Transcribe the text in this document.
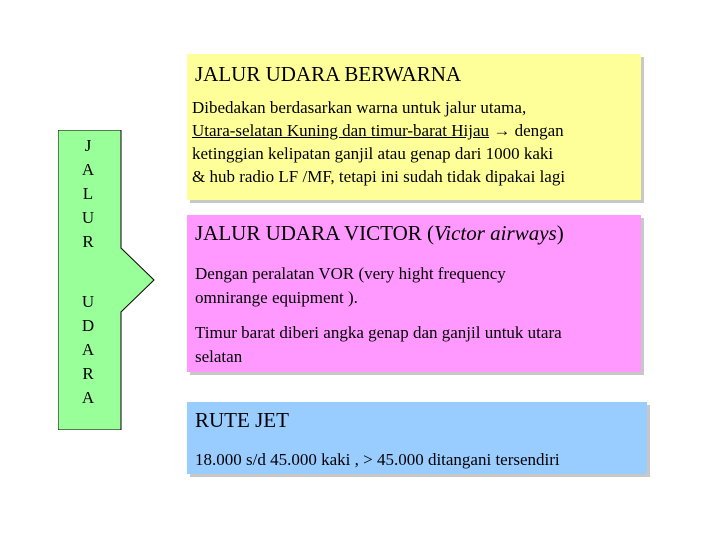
J
A
L
U
R
U
D
A
R
A
JALUR UDARA BERWARNA
Dibedakan berdasarkan warna untuk jalur utama,
Utara-selatan Kuning dan timur-barat Hijau → dengan
ketinggian kelipatan ganjil atau genap dari 1000 kaki
& hub radio LF /MF, tetapi ini sudah tidak dipakai lagi
JALUR UDARA VICTOR (Victor airways)
Dengan peralatan VOR (very hight frequency
omnirange equipment ).
Timur barat diberi angka genap dan ganjil untuk utara
selatan
RUTE JET
18.000 s/d 45.000 kaki , > 45.000 ditangani tersendiri
